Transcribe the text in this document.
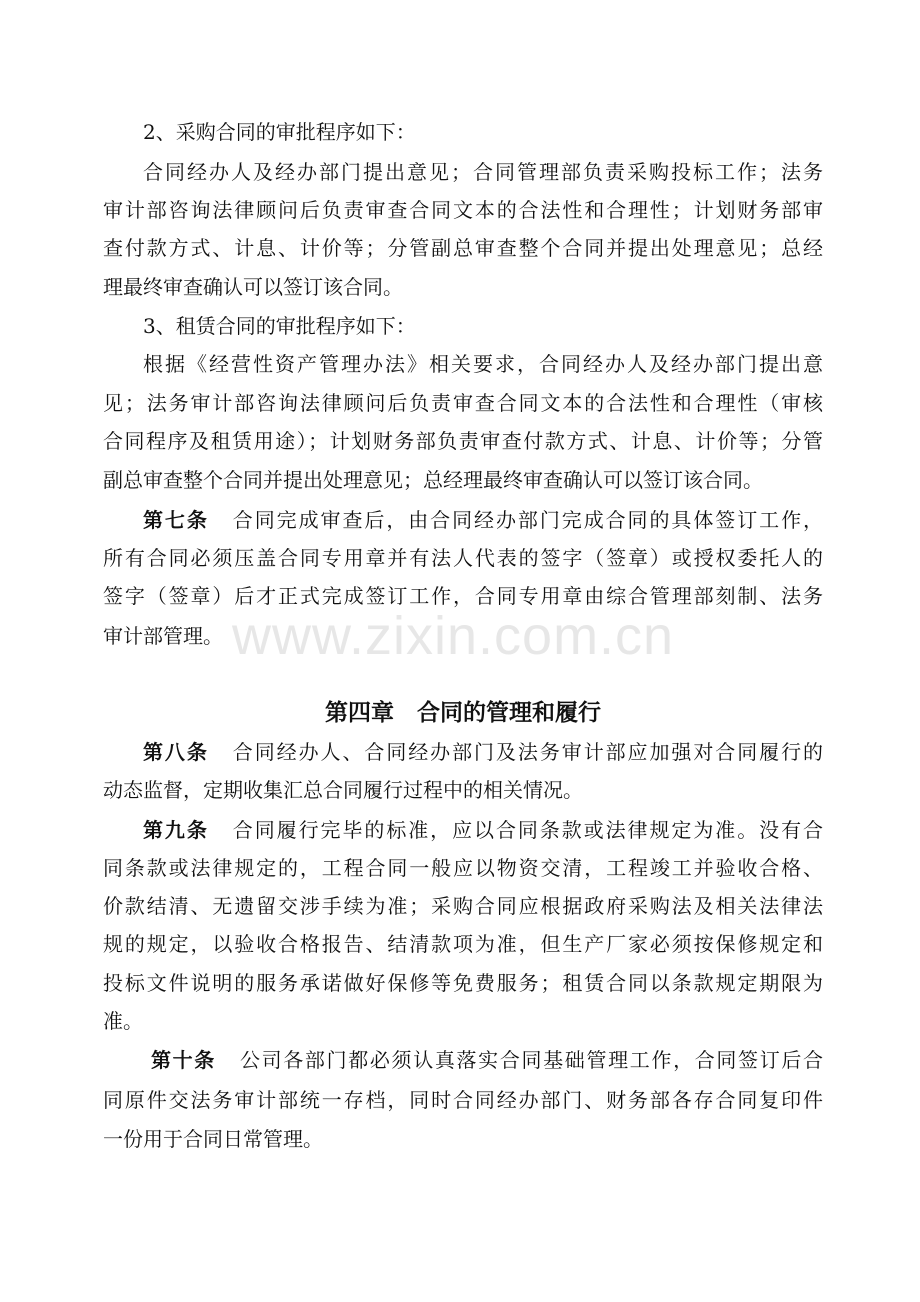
2、采购合同的审批程序如下：
合同经办人及经办部门提出意见；合同管理部负责采购投标工作；法务
审计部咨询法律顾问后负责审查合同文本的合法性和合理性；计划财务部审
查付款方式、计息、计价等；分管副总审查整个合同并提出处理意见；总经
理最终审查确认可以签订该合同。
3、租赁合同的审批程序如下：
根据《经营性资产管理办法》相关要求，合同经办人及经办部门提出意
见；法务审计部咨询法律顾问后负责审查合同文本的合法性和合理性（审核
合同程序及租赁用途）；计划财务部负责审查付款方式、计息、计价等；分管
副总审查整个合同并提出处理意见；总经理最终审查确认可以签订该合同。
第七条 合同完成审查后，由合同经办部门完成合同的具体签订工作，
所有合同必须压盖合同专用章并有法人代表的签字（签章）或授权委托人的
签字（签章）后才正式完成签订工作，合同专用章由综合管理部刻制、法务
审计部管理。
第四章　合同的管理和履行
第八条 合同经办人、合同经办部门及法务审计部应加强对合同履行的
动态监督，定期收集汇总合同履行过程中的相关情况。
第九条 合同履行完毕的标准，应以合同条款或法律规定为准。没有合
同条款或法律规定的，工程合同一般应以物资交清，工程竣工并验收合格、
价款结清、无遗留交涉手续为准；采购合同应根据政府采购法及相关法律法
规的规定，以验收合格报告、结清款项为准，但生产厂家必须按保修规定和
投标文件说明的服务承诺做好保修等免费服务；租赁合同以条款规定期限为
准。
第十条 公司各部门都必须认真落实合同基础管理工作，合同签订后合
同原件交法务审计部统一存档，同时合同经办部门、财务部各存合同复印件
一份用于合同日常管理。
www.zixin.com.cn
